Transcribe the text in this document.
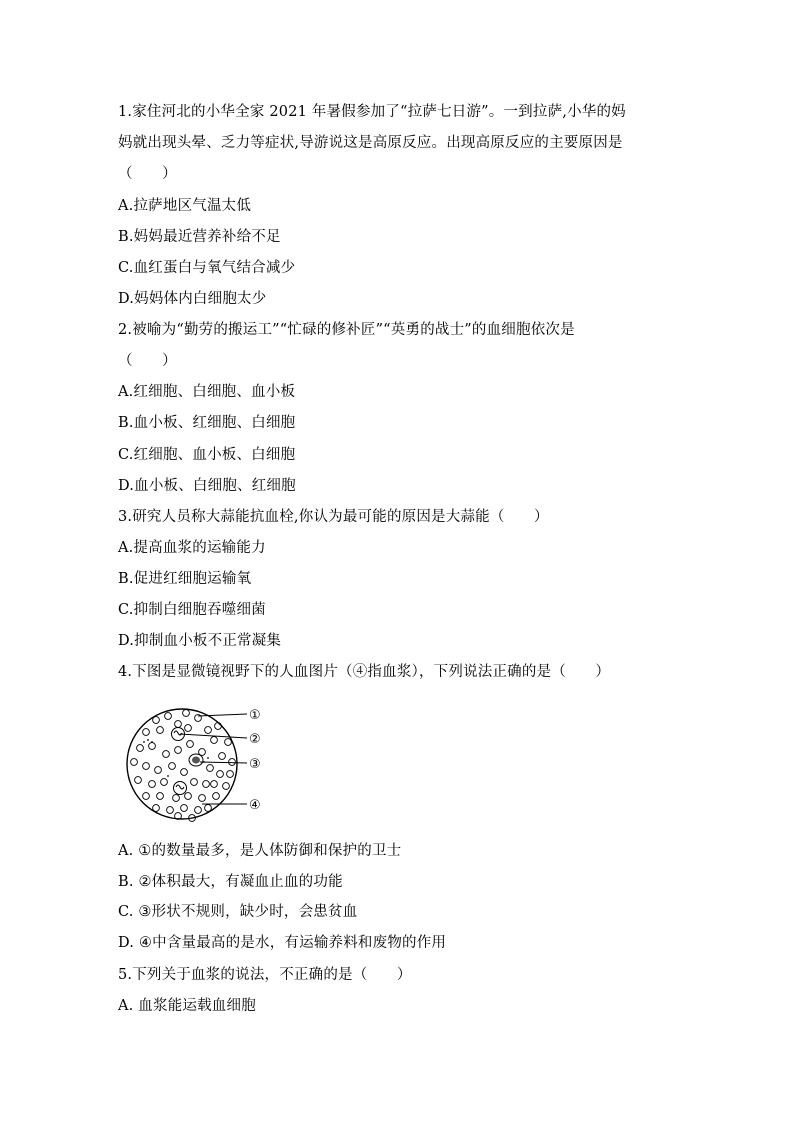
1.家住河北的小华全家 2021 年暑假参加了“拉萨七日游”。一到拉萨,小华的妈
妈就出现头晕、乏力等症状,导游说这是高原反应。出现高原反应的主要原因是
（　　）
A.拉萨地区气温太低
B.妈妈最近营养补给不足
C.血红蛋白与氧气结合减少
D.妈妈体内白细胞太少
2.被喻为“勤劳的搬运工”“忙碌的修补匠”“英勇的战士”的血细胞依次是
（　　）
A.红细胞、白细胞、血小板
B.血小板、红细胞、白细胞
C.红细胞、血小板、白细胞
D.血小板、白细胞、红细胞
3.研究人员称大蒜能抗血栓,你认为最可能的原因是大蒜能（　　）
A.提高血浆的运输能力
B.促进红细胞运输氧
C.抑制白细胞吞噬细菌
D.抑制血小板不正常凝集
4.下图是显微镜视野下的人血图片（④指血浆），下列说法正确的是（　　）
①
②
③
④
A. ①的数量最多，是人体防御和保护的卫士
B. ②体积最大，有凝血止血的功能
C. ③形状不规则，缺少时，会患贫血
D. ④中含量最高的是水，有运输养料和废物的作用
5.下列关于血浆的说法，不正确的是（　　）
A. 血浆能运载血细胞
